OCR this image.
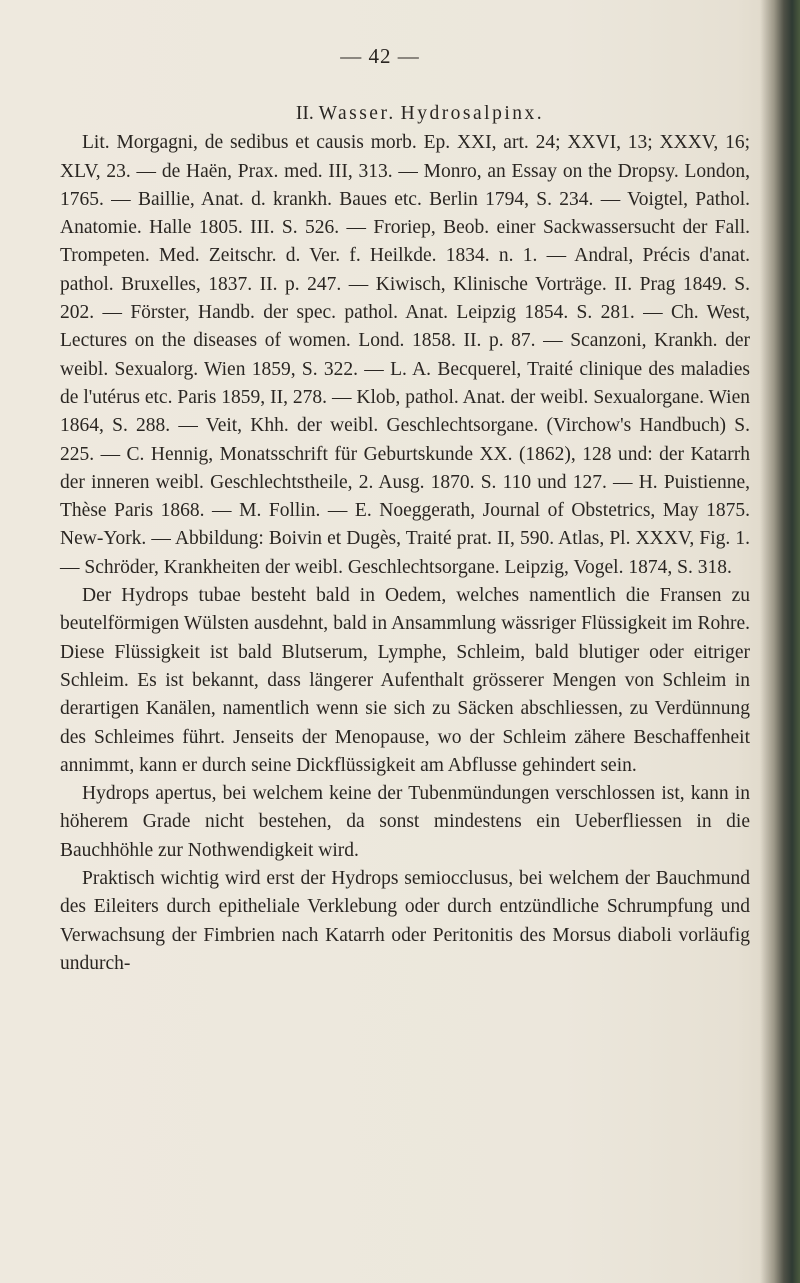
— 42 —
II. Wasser. Hydrosalpinx.

Lit. Morgagni, de sedibus et causis morb. Ep. XXI, art. 24; XXVI, 13; XXXV, 16; XLV, 23. — de Haën, Prax. med. III, 313. — Monro, an Essay on the Dropsy. London, 1765. — Baillie, Anat. d. krankh. Baues etc. Berlin 1794, S. 234. — Voigtel, Pathol. Anatomie. Halle 1805. III. S. 526. — Froriep, Beob. einer Sackwassersucht der Fall. Trompeten. Med. Zeitschr. d. Ver. f. Heilkde. 1834. n. 1. — Andral, Précis d'anat. pathol. Bruxelles, 1837. II. p. 247. — Kiwisch, Klinische Vorträge. II. Prag 1849. S. 202. — Förster, Handb. der spec. pathol. Anat. Leipzig 1854. S. 281. — Ch. West, Lectures on the diseases of women. Lond. 1858. II. p. 87. — Scanzoni, Krankh. der weibl. Sexualorg. Wien 1859, S. 322. — L. A. Becquerel, Traité clinique des maladies de l'utérus etc. Paris 1859, II, 278. — Klob, pathol. Anat. der weibl. Sexualorgane. Wien 1864, S. 288. — Veit, Khh. der weibl. Geschlechtsorgane. (Virchow's Handbuch) S. 225. — C. Hennig, Monatsschrift für Geburtskunde XX. (1862), 128 und: der Katarrh der inneren weibl. Geschlechtstheile, 2. Ausg. 1870. S. 110 und 127. — H. Puistienne, Thèse Paris 1868. — M. Follin. — E. Noeggerath, Journal of Obstetrics, May 1875. New-York. — Abbildung: Boivin et Dugès, Traité prat. II, 590. Atlas, Pl. XXXV, Fig. 1. — Schröder, Krankheiten der weibl. Geschlechtsorgane. Leipzig, Vogel. 1874, S. 318.

Der Hydrops tubae besteht bald in Oedem, welches namentlich die Fransen zu beutelförmigen Wülsten ausdehnt, bald in Ansammlung wässriger Flüssigkeit im Rohre. Diese Flüssigkeit ist bald Blutserum, Lymphe, Schleim, bald blutiger oder eitriger Schleim. Es ist bekannt, dass längerer Aufenthalt grösserer Mengen von Schleim in derartigen Kanälen, namentlich wenn sie sich zu Säcken abschliessen, zu Verdünnung des Schleimes führt. Jenseits der Menopause, wo der Schleim zähere Beschaffenheit annimmt, kann er durch seine Dickflüssigkeit am Abflusse gehindert sein.

Hydrops apertus, bei welchem keine der Tubenmündungen verschlossen ist, kann in höherem Grade nicht bestehen, da sonst mindestens ein Ueberfliessen in die Bauchhöhle zur Nothwendigkeit wird.

Praktisch wichtig wird erst der Hydrops semiocclusus, bei welchem der Bauchmund des Eileiters durch epitheliale Verklebung oder durch entzündliche Schrumpfung und Verwachsung der Fimbrien nach Katarrh oder Peritonitis des Morsus diaboli vorläufig undurch-
